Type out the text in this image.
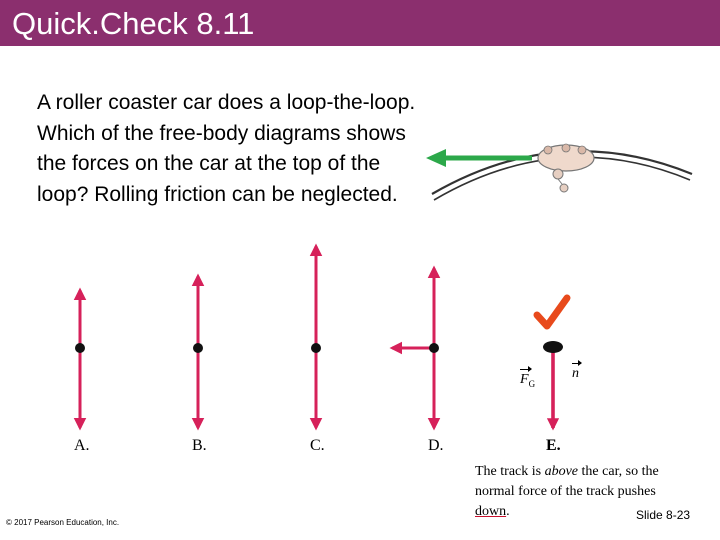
Quick.Check 8.11
A roller coaster car does a loop-the-loop. Which of the free-body diagrams shows the forces on the car at the top of the loop? Rolling friction can be neglected.
$F_G$
n
A.	B.	C.	D.	E.
The track is above the car, so the normal force of the track pushes down.
© 2017 Pearson Education, Inc.
Slide 8-23
